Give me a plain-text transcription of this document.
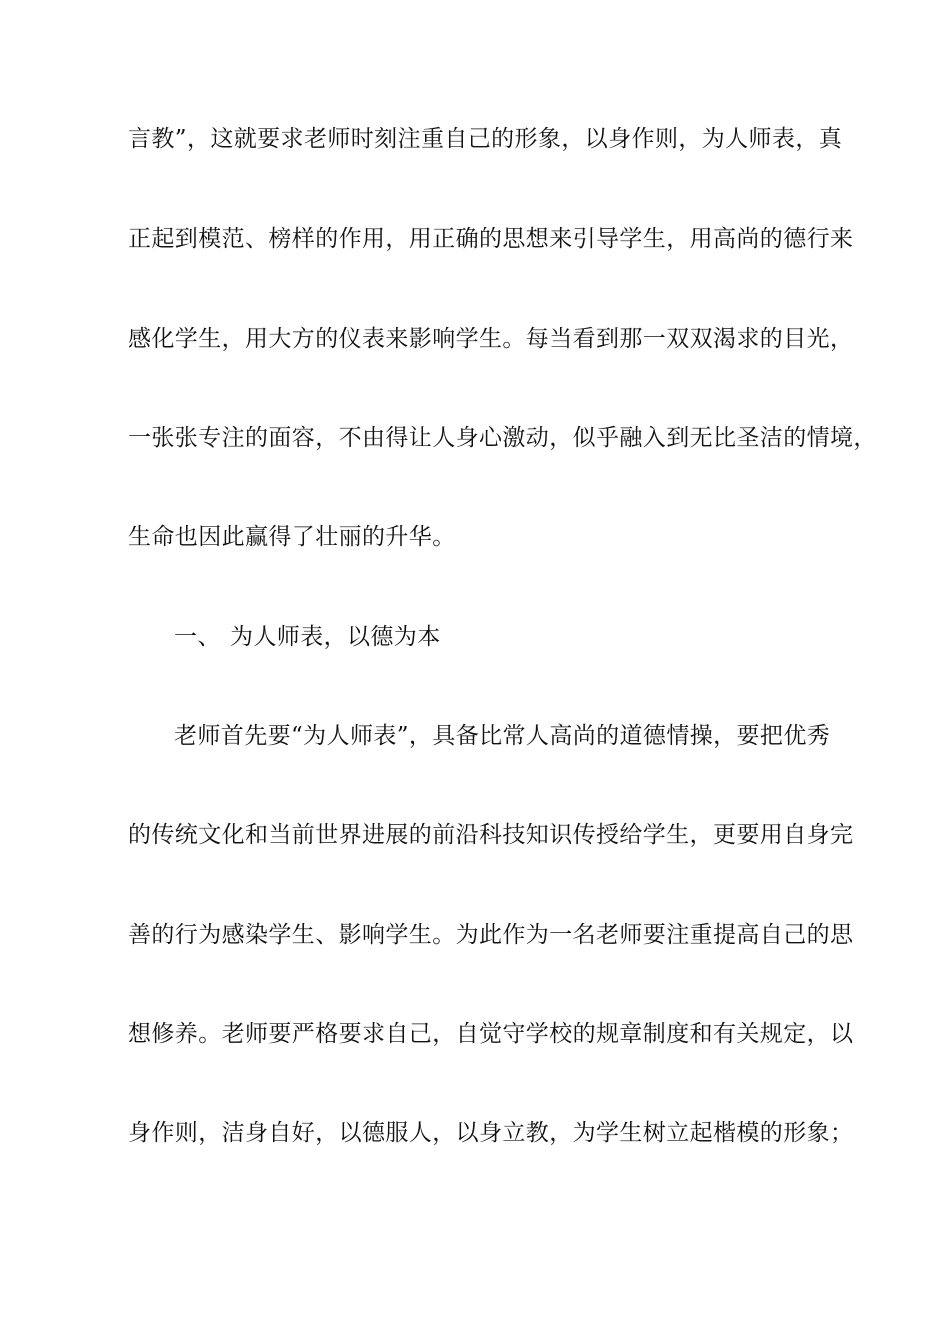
言教”，这就要求老师时刻注重自己的形象，以身作则，为人师表，真
正起到模范、榜样的作用，用正确的思想来引导学生，用高尚的德行来
感化学生，用大方的仪表来影响学生。每当看到那一双双渴求的目光，
一张张专注的面容，不由得让人身心激动，似乎融入到无比圣洁的情境，
生命也因此赢得了壮丽的升华。
一、 为人师表，以德为本
老师首先要“为人师表”，具备比常人高尚的道德情操，要把优秀
的传统文化和当前世界进展的前沿科技知识传授给学生，更要用自身完
善的行为感染学生、影响学生。为此作为一名老师要注重提高自己的思
想修养。老师要严格要求自己，自觉守学校的规章制度和有关规定，以
身作则，洁身自好，以德服人，以身立教，为学生树立起楷模的形象；
